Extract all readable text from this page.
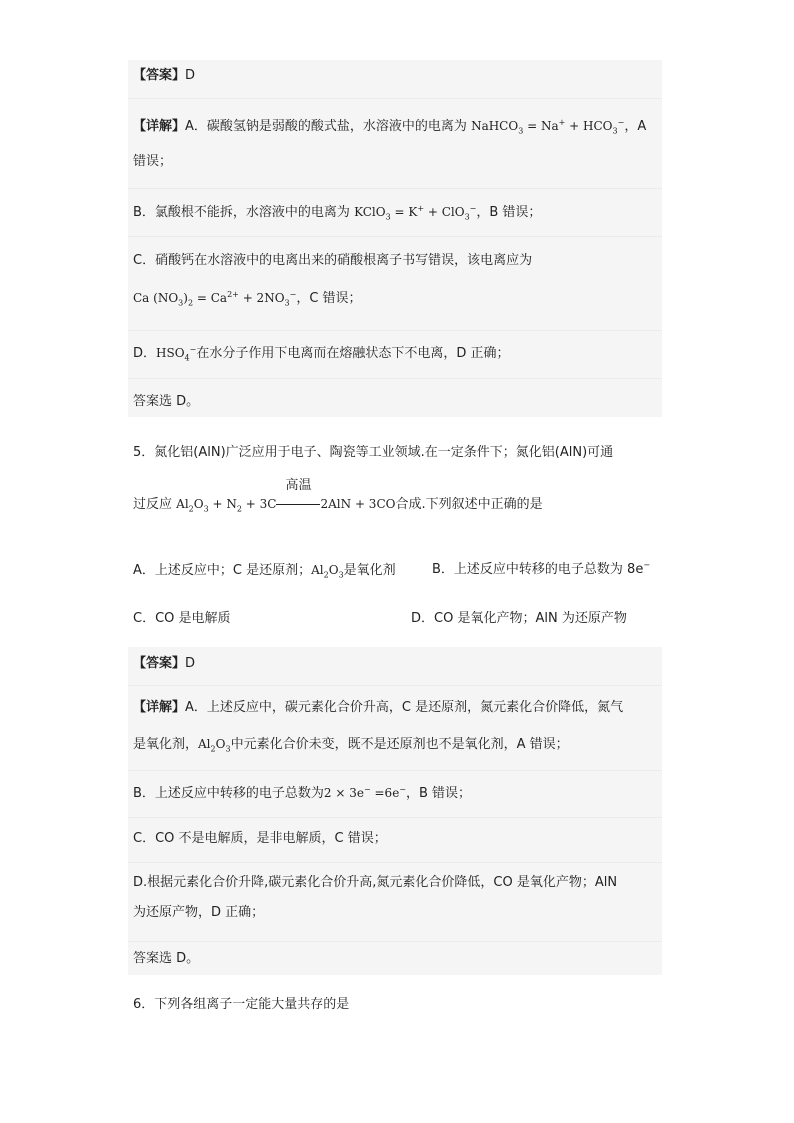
【答案】D
【详解】A．碳酸氢钠是弱酸的酸式盐，水溶液中的电离为 NaHCO$_3$ = $Na^+ + HCO_3^-$，A
错误；
B．氯酸根不能拆，水溶液中的电离为 KClO$_3$ = K+ + ClO$_3$−，B 错误；
C．硝酸钙在水溶液中的电离出来的硝酸根离子书写错误，该电离应为
Ca $(NO_3)_2 = Ca^{2+} + 2NO_3^-$，C 错误；
D．$HSO_4^-$在水分子作用下电离而在熔融状态下不电离，D 正确；
答案选 D。
5．氮化铝(AlN)广泛应用于电子、陶瓷等工业领域.在一定条件下；氮化铝(AlN)可通
过反应 $Al_2O_3 + N_2 + 3C$
高温
2AlN + 3CO合成.下列叙述中正确的是
A．上述反应中；C 是还原剂；$Al_2O_3$是氧化剂	B．上述反应中转移的电子总数为 8e−
C．CO 是电解质	D．CO 是氧化产物；AlN 为还原产物
【答案】D
【详解】A．上述反应中，碳元素化合价升高，C 是还原剂，氮元素化合价降低，氮气
是氧化剂，$Al_2O_3$中元素化合价未变，既不是还原剂也不是氧化剂，A 错误；
B．上述反应中转移的电子总数为2 × 3e− =6e−，B 错误；
C．CO 不是电解质，是非电解质，C 错误；
D.根据元素化合价升降,碳元素化合价升高,氮元素化合价降低，CO 是氧化产物；AlN
为还原产物，D 正确；
答案选 D。
6．下列各组离子一定能大量共存的是
